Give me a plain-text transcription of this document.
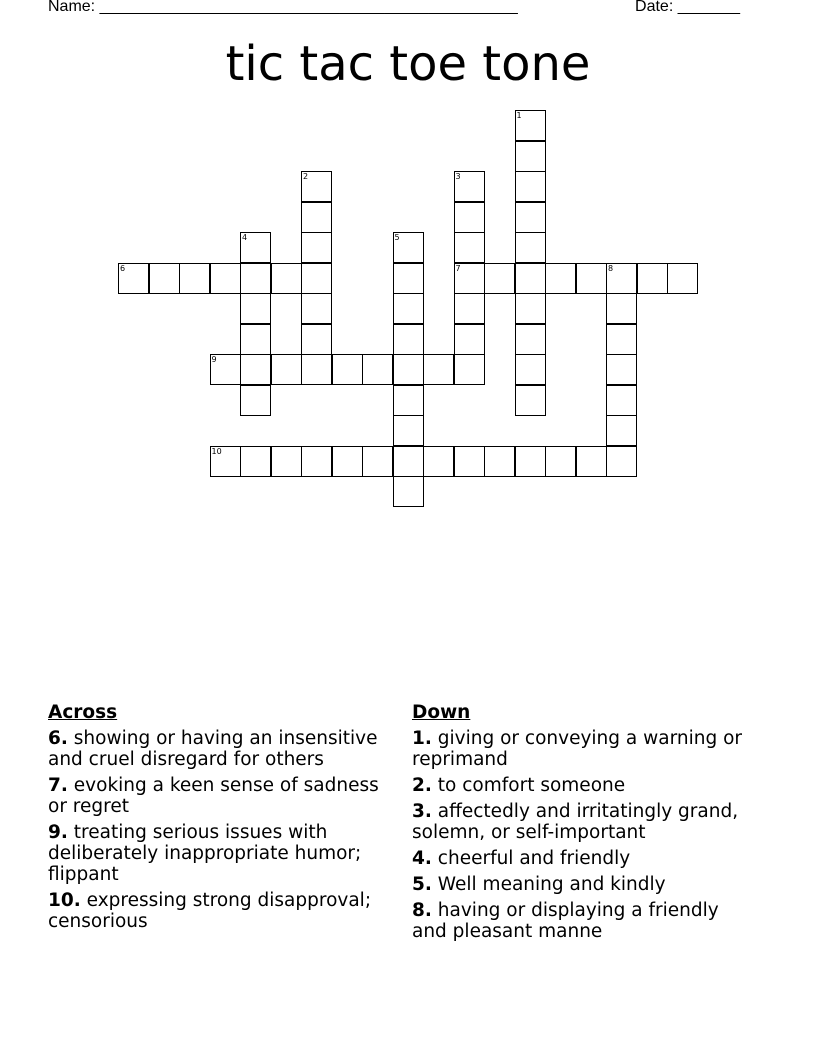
Name: _______________________________________________	Date: _______
tic tac toe tone
1
2	3
7
4	5
6	8
9
10
Across
6. showing or having an insensitive and cruel disregard for others
7. evoking a keen sense of sadness or regret
9. treating serious issues with deliberately inappropriate humor; flippant
10. expressing strong disapproval; censorious
Down
1. giving or conveying a warning or reprimand
2. to comfort someone
3. affectedly and irritatingly grand, solemn, or self-important
4. cheerful and friendly
5. Well meaning and kindly
8. having or displaying a friendly and pleasant manne
